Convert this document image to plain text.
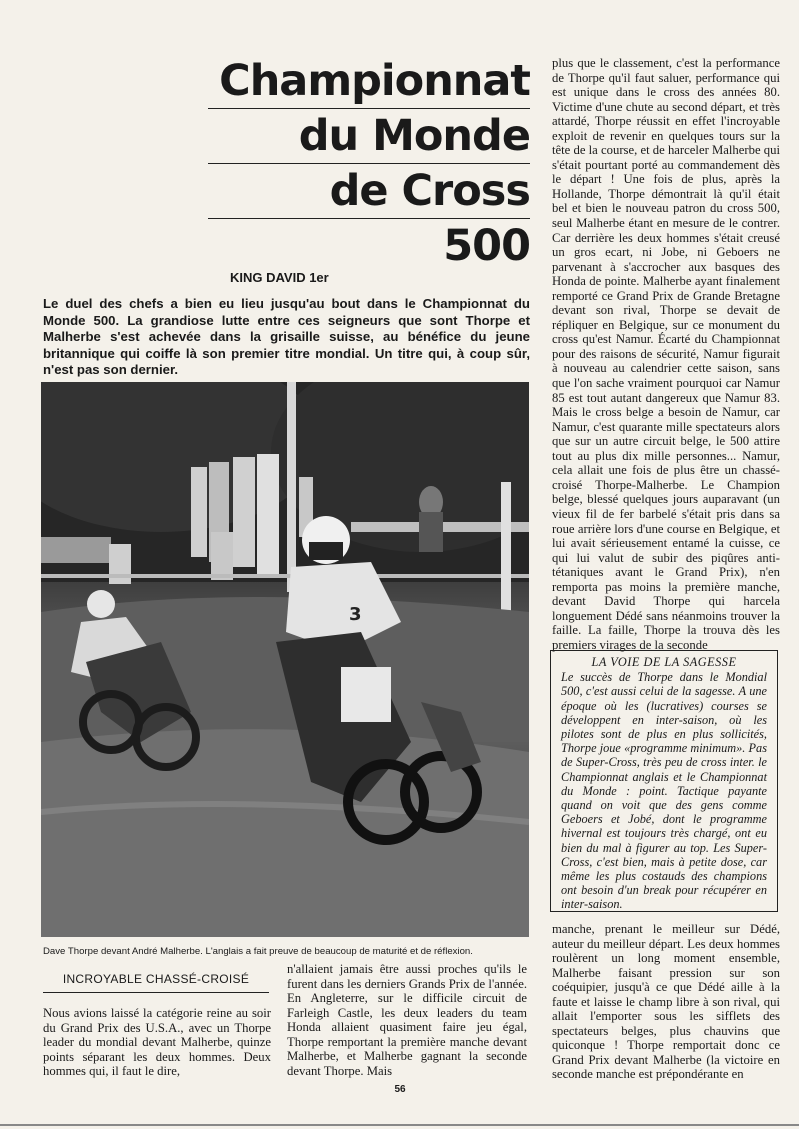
Championnat
du Monde
de Cross
500
KING DAVID 1er
Le duel des chefs a bien eu lieu jusqu'au bout dans le Championnat du Monde 500. La grandiose lutte entre ces seigneurs que sont Thorpe et Malherbe s'est achevée dans la grisaille suisse, au bénéfice du jeune britannique qui coiffe là son premier titre mondial. Un titre qui, à coup sûr, n'est pas son dernier.
3
Dave Thorpe devant André Malherbe. L'anglais a fait preuve de beaucoup de maturité et de réflexion.
INCROYABLE CHASSÉ-CROISÉ

Nous avions laissé la catégorie reine au soir du Grand Prix des U.S.A., avec un Thorpe leader du mondial devant Malherbe, quinze points séparant les deux hommes. Deux hommes qui, il faut le dire,

n'allaient jamais être aussi proches qu'ils le furent dans les derniers Grands Prix de l'année. En Angleterre, sur le difficile circuit de Farleigh Castle, les deux leaders du team Honda allaient quasiment faire jeu égal, Thorpe remportant la première manche devant Malherbe, et Malherbe gagnant la seconde devant Thorpe. Mais

plus que le classement, c'est la performance de Thorpe qu'il faut saluer, performance qui est unique dans le cross des années 80. Victime d'une chute au second départ, et très attardé, Thorpe réussit en effet l'incroyable exploit de revenir en quelques tours sur la tête de la course, et de harceler Malherbe qui s'était pourtant porté au commandement dès le départ ! Une fois de plus, après la Hollande, Thorpe démontrait là qu'il était bel et bien le nouveau patron du cross 500, seul Malherbe étant en mesure de le contrer. Car derrière les deux hommes s'était creusé un gros ecart, ni Jobe, ni Geboers ne parvenant à s'accrocher aux basques des Honda de pointe. Malherbe ayant finalement remporté ce Grand Prix de Grande Bretagne devant son rival, Thorpe se devait de répliquer en Belgique, sur ce monument du cross qu'est Namur. Écarté du Championnat pour des raisons de sécurité, Namur figurait à nouveau au calendrier cette saison, sans que l'on sache vraiment pourquoi car Namur 85 est tout autant dangereux que Namur 83. Mais le cross belge a besoin de Namur, car Namur, c'est quarante mille spectateurs alors que sur un autre circuit belge, le 500 attire tout au plus dix mille personnes... Namur, cela allait une fois de plus être un chassé-croisé Thorpe-Malherbe. Le Champion belge, blessé quelques jours auparavant (un vieux fil de fer barbelé s'était pris dans sa roue arrière lors d'une course en Belgique, et lui avait sérieusement entamé la cuisse, ce qui lui valut de subir des piqûres anti-tétaniques avant le Grand Prix), n'en remporta pas moins la première manche, devant David Thorpe qui harcela longuement Dédé sans néanmoins trouver la faille. La faille, Thorpe la trouva dès les premiers virages de la seconde

LA VOIE DE LA SAGESSE
Le succès de Thorpe dans le Mondial 500, c'est aussi celui de la sagesse. A une époque où les (lucratives) courses se développent en inter-saison, où les pilotes sont de plus en plus sollicités, Thorpe joue «programme minimum». Pas de Super-Cross, très peu de cross inter. le Championnat anglais et le Championnat du Monde : point. Tactique payante quand on voit que des gens comme Geboers et Jobé, dont le programme hivernal est toujours très chargé, ont eu bien du mal à figurer au top. Les Super-Cross, c'est bien, mais à petite dose, car même les plus costauds des champions ont besoin d'un break pour récupérer en inter-saison.

manche, prenant le meilleur sur Dédé, auteur du meilleur départ. Les deux hommes roulèrent un long moment ensemble, Malherbe faisant pression sur son coéquipier, jusqu'à ce que Dédé aille à la faute et laisse le champ libre à son rival, qui allait l'emporter sous les sifflets des spectateurs belges, plus chauvins que quiconque ! Thorpe remportait donc ce Grand Prix devant Malherbe (la victoire en seconde manche est prépondérante en

56
